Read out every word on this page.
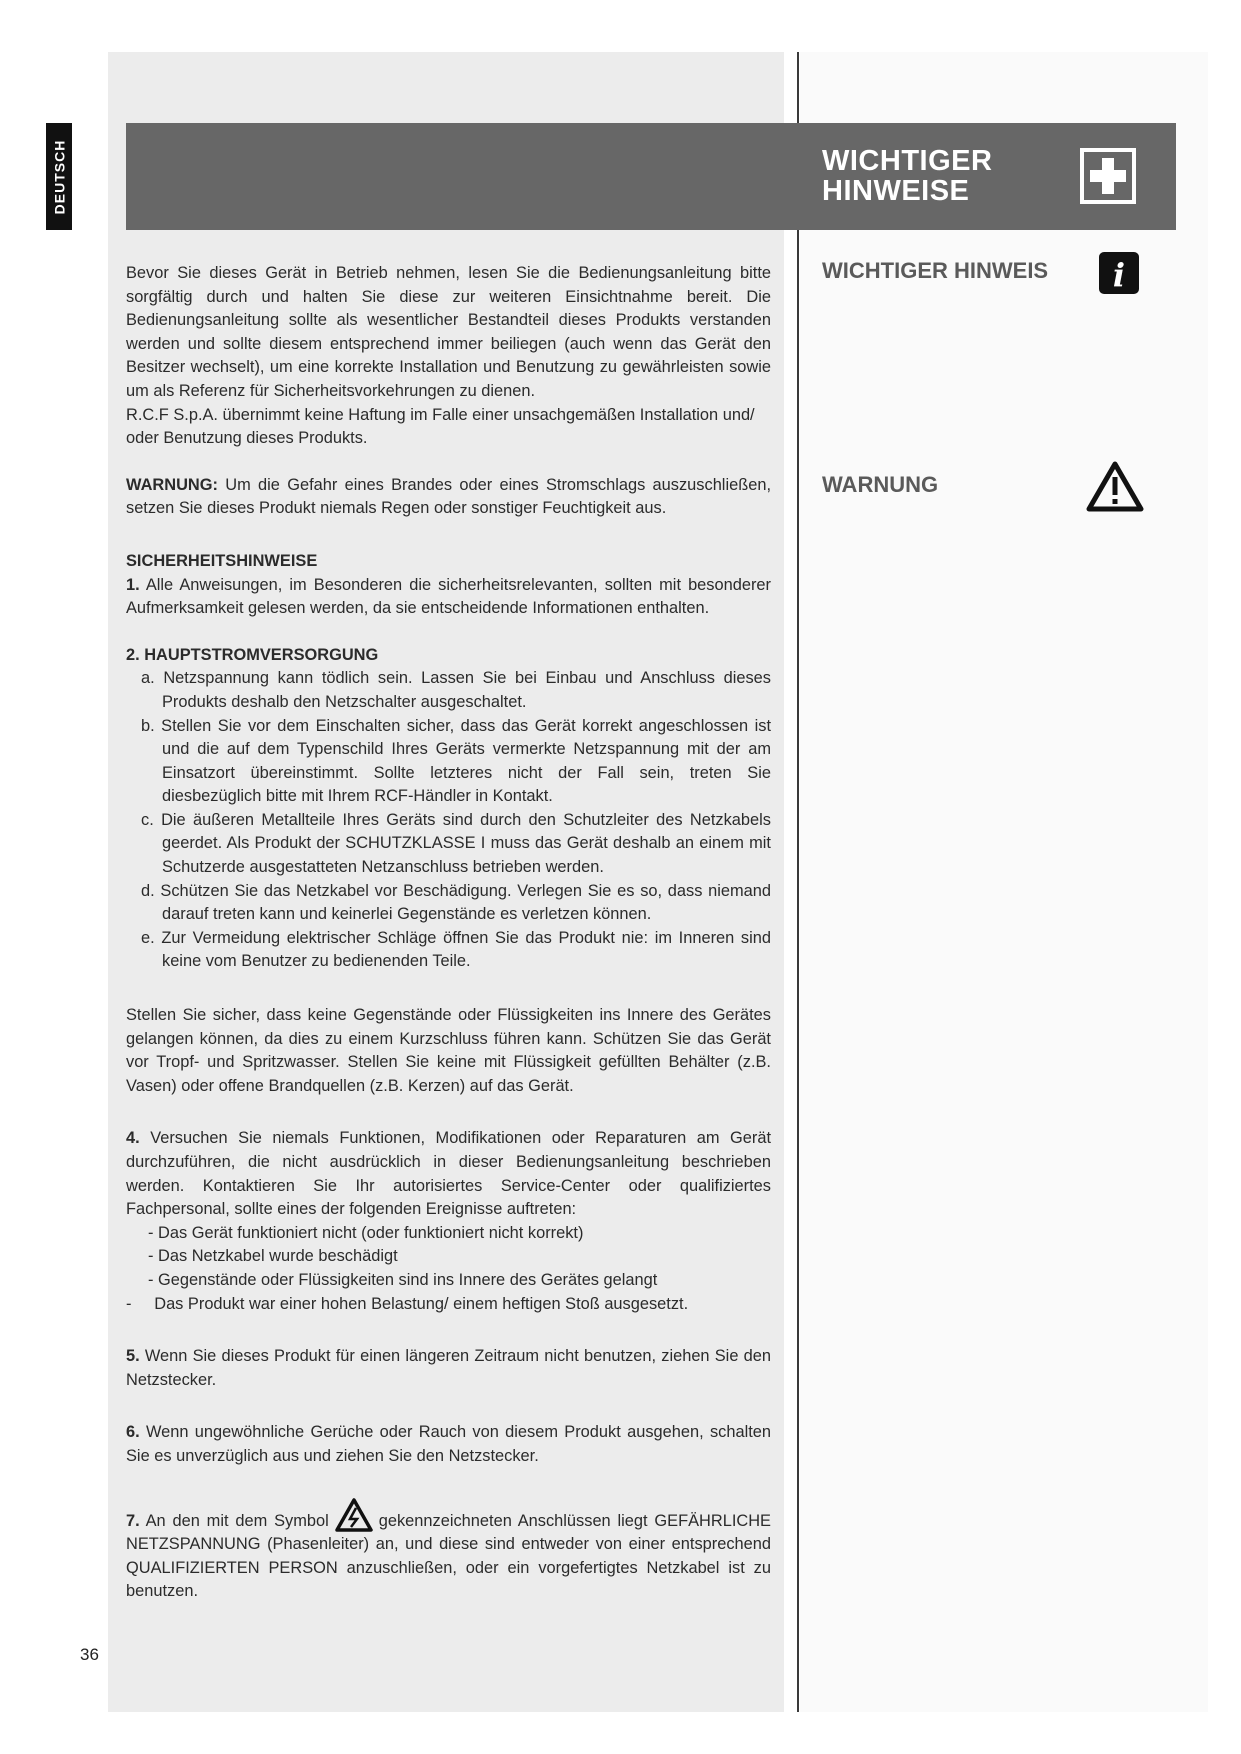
DEUTSCH	WICHTIGER
HINWEISE
WICHTIGER HINWEIS i
WARNUNG

Bevor Sie dieses Gerät in Betrieb nehmen, lesen Sie die Bedienungsanleitung bitte sorgfältig durch und halten Sie diese zur weiteren Einsichtnahme bereit. Die Bedienungsanleitung sollte als wesentlicher Bestandteil dieses Produkts verstanden werden und sollte diesem entsprechend immer beiliegen (auch wenn das Gerät den Besitzer wechselt), um eine korrekte Installation und Benutzung zu gewährleisten sowie um als Referenz für Sicherheitsvorkehrungen zu dienen.

R.C.F S.p.A. übernimmt keine Haftung im Falle einer unsachgemäßen Installation und/ oder Benutzung dieses Produkts.

WARNUNG: Um die Gefahr eines Brandes oder eines Stromschlags auszuschließen, setzen Sie dieses Produkt niemals Regen oder sonstiger Feuchtigkeit aus.

SICHERHEITSHINWEISE

1. Alle Anweisungen, im Besonderen die sicherheitsrelevanten, sollten mit besonderer Aufmerksamkeit gelesen werden, da sie entscheidende Informationen enthalten.

2. HAUPTSTROMVERSORGUNG

a. Netzspannung kann tödlich sein. Lassen Sie bei Einbau und Anschluss dieses Produkts deshalb den Netzschalter ausgeschaltet.

b. Stellen Sie vor dem Einschalten sicher, dass das Gerät korrekt angeschlossen ist und die auf dem Typenschild Ihres Geräts vermerkte Netzspannung mit der am Einsatzort übereinstimmt. Sollte letzteres nicht der Fall sein, treten Sie diesbezüglich bitte mit Ihrem RCF-Händler in Kontakt.

c. Die äußeren Metallteile Ihres Geräts sind durch den Schutzleiter des Netzkabels geerdet. Als Produkt der SCHUTZKLASSE I muss das Gerät deshalb an einem mit Schutzerde ausgestatteten Netzanschluss betrieben werden.

d. Schützen Sie das Netzkabel vor Beschädigung. Verlegen Sie es so, dass niemand darauf treten kann und keinerlei Gegenstände es verletzen können.

e. Zur Vermeidung elektrischer Schläge öffnen Sie das Produkt nie: im Inneren sind keine vom Benutzer zu bedienenden Teile.

Stellen Sie sicher, dass keine Gegenstände oder Flüssigkeiten ins Innere des Gerätes gelangen können, da dies zu einem Kurzschluss führen kann. Schützen Sie das Gerät vor Tropf- und Spritzwasser. Stellen Sie keine mit Flüssigkeit gefüllten Behälter (z.B. Vasen) oder offene Brandquellen (z.B. Kerzen) auf das Gerät.

4. Versuchen Sie niemals Funktionen, Modifikationen oder Reparaturen am Gerät durchzuführen, die nicht ausdrücklich in dieser Bedienungsanleitung beschrieben werden. Kontaktieren Sie Ihr autorisiertes Service-Center oder qualifiziertes Fachpersonal, sollte eines der folgenden Ereignisse auftreten:

- Das Gerät funktioniert nicht (oder funktioniert nicht korrekt)

- Das Netzkabel wurde beschädigt

- Gegenstände oder Flüssigkeiten sind ins Innere des Gerätes gelangt

-     Das Produkt war einer hohen Belastung/ einem heftigen Stoß ausgesetzt.

5. Wenn Sie dieses Produkt für einen längeren Zeitraum nicht benutzen, ziehen Sie den Netzstecker.

6. Wenn ungewöhnliche Gerüche oder Rauch von diesem Produkt ausgehen, schalten Sie es unverzüglich aus und ziehen Sie den Netzstecker.

7. An den mit dem Symbol	gekennzeichneten Anschlüssen liegt GEFÄHRLICHE NETZSPANNUNG (Phasenleiter) an, und diese sind entweder von einer entsprechend QUALIFIZIERTEN PERSON anzuschließen, oder ein vorgefertigtes Netzkabel ist zu benutzen.

36
